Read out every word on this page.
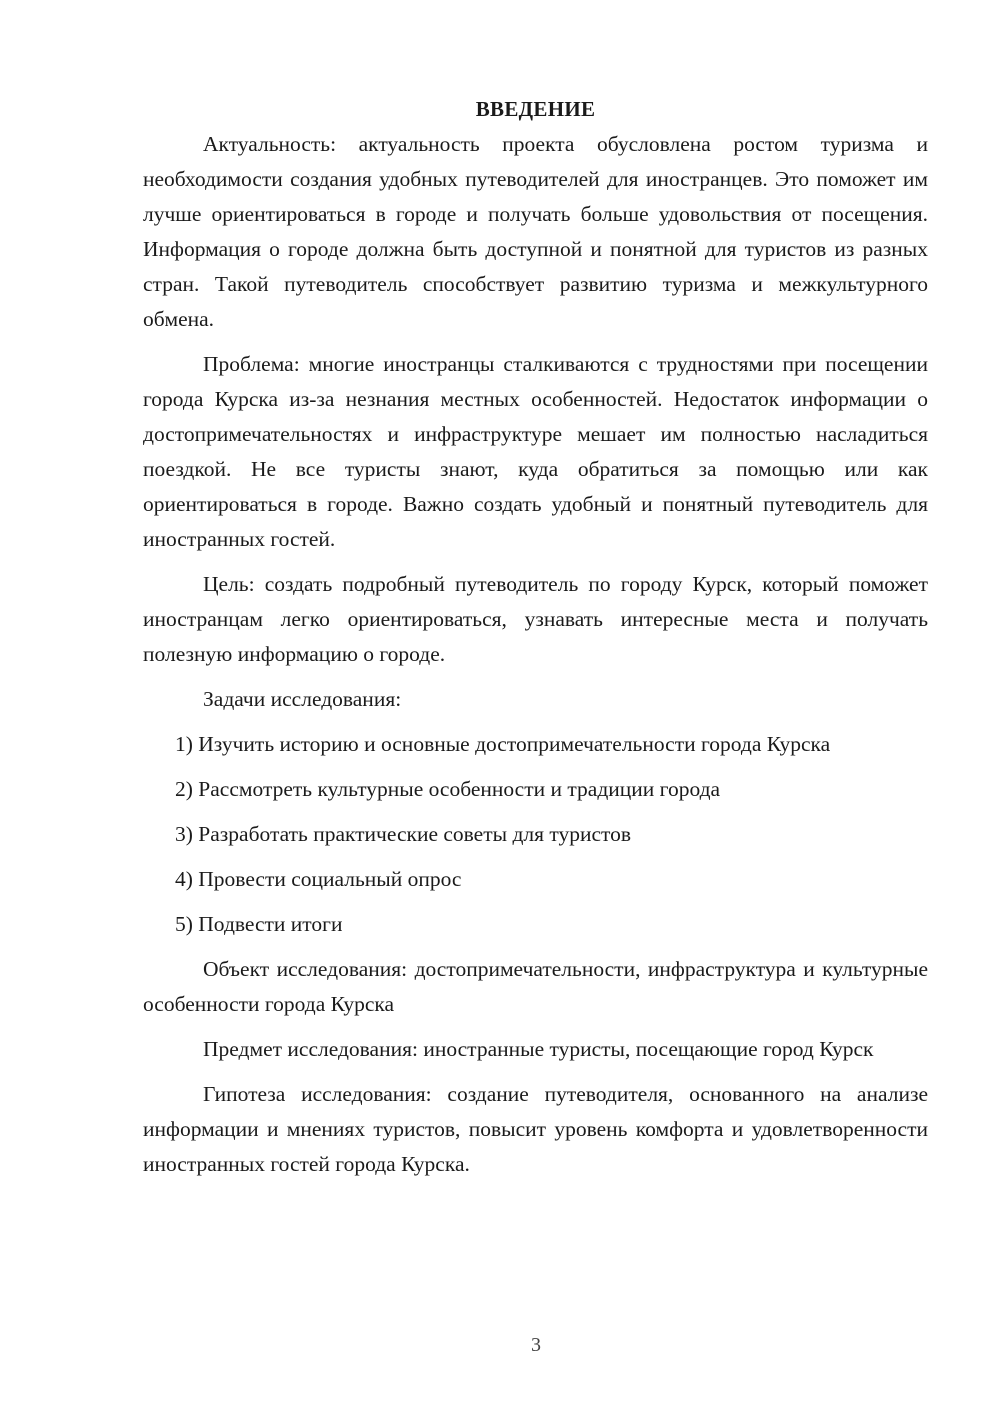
ВВЕДЕНИЕ

Актуальность: актуальность проекта обусловлена ростом туризма и необходимости создания удобных путеводителей для иностранцев. Это поможет им лучше ориентироваться в городе и получать больше удовольствия от посещения. Информация о городе должна быть доступной и понятной для туристов из разных стран. Такой путеводитель способствует развитию туризма и межкультурного обмена.

Проблема: многие иностранцы сталкиваются с трудностями при посещении города Курска из-за незнания местных особенностей. Недостаток информации о достопримечательностях и инфраструктуре мешает им полностью насладиться поездкой. Не все туристы знают, куда обратиться за помощью или как ориентироваться в городе. Важно создать удобный и понятный путеводитель для иностранных гостей.

Цель: создать подробный путеводитель по городу Курск, который поможет иностранцам легко ориентироваться, узнавать интересные места и получать полезную информацию о городе.

Задачи исследования:

1) Изучить историю и основные достопримечательности города Курска

2) Рассмотреть культурные особенности и традиции города

3) Разработать практические советы для туристов

4) Провести социальный опрос

5) Подвести итоги

Объект исследования: достопримечательности, инфраструктура и культурные особенности города Курска

Предмет исследования: иностранные туристы, посещающие город Курск

Гипотеза исследования: создание путеводителя, основанного на анализе информации и мнениях туристов, повысит уровень комфорта и удовлетворенности иностранных гостей города Курска.

3
